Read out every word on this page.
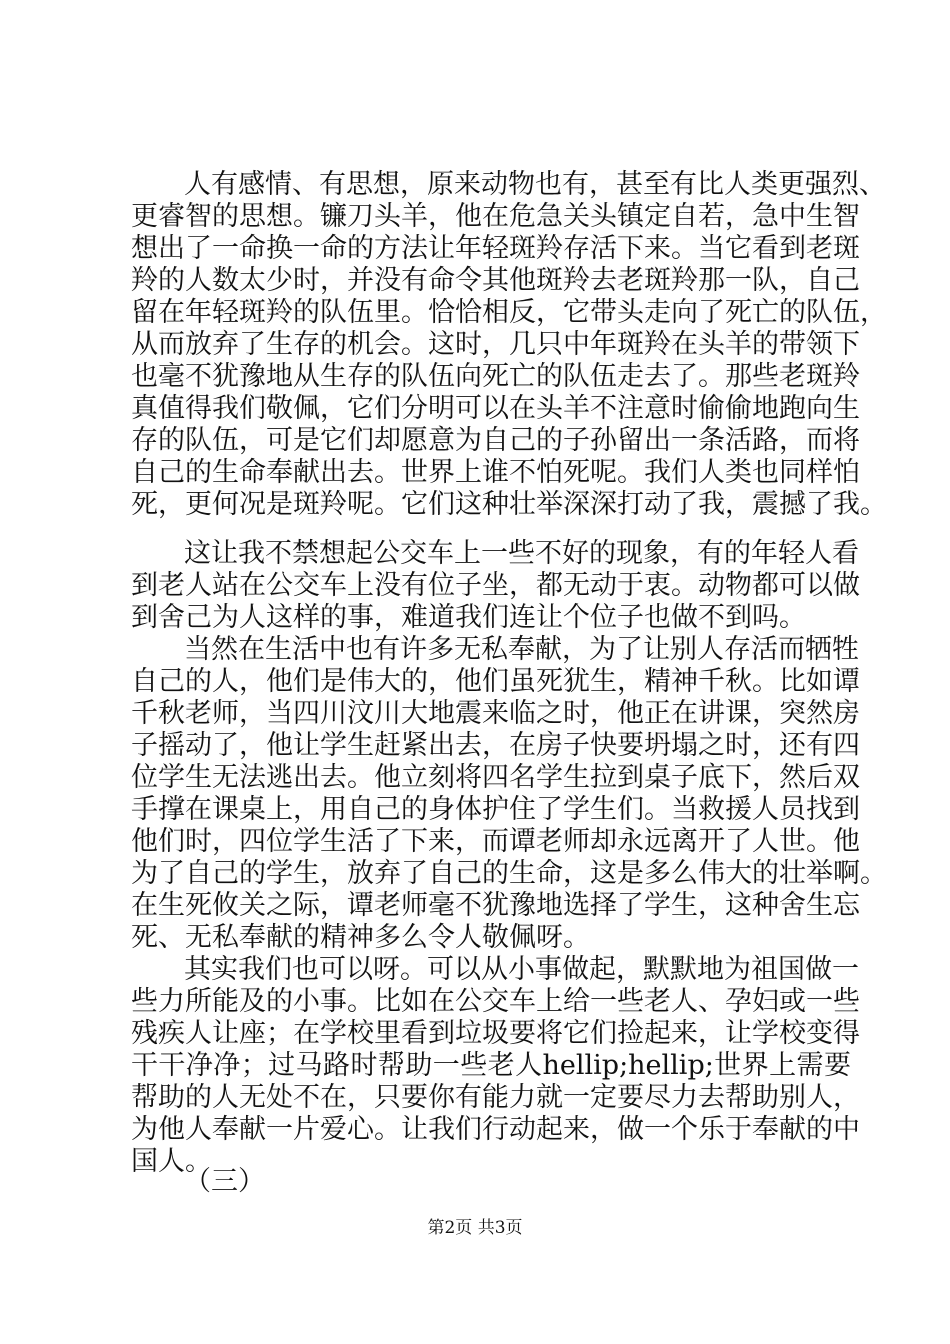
人有感情、有思想，原来动物也有，甚至有比人类更强烈、
更睿智的思想。镰刀头羊，他在危急关头镇定自若，急中生智
想出了一命换一命的方法让年轻斑羚存活下来。当它看到老斑
羚的人数太少时，并没有命令其他斑羚去老斑羚那一队，自己
留在年轻斑羚的队伍里。恰恰相反，它带头走向了死亡的队伍，
从而放弃了生存的机会。这时，几只中年斑羚在头羊的带领下
也毫不犹豫地从生存的队伍向死亡的队伍走去了。那些老斑羚
真值得我们敬佩，它们分明可以在头羊不注意时偷偷地跑向生
存的队伍，可是它们却愿意为自己的子孙留出一条活路，而将
自己的生命奉献出去。世界上谁不怕死呢。我们人类也同样怕
死，更何况是斑羚呢。它们这种壮举深深打动了我，震撼了我。
这让我不禁想起公交车上一些不好的现象，有的年轻人看
到老人站在公交车上没有位子坐，都无动于衷。动物都可以做
到舍己为人这样的事，难道我们连让个位子也做不到吗。
当然在生活中也有许多无私奉献，为了让别人存活而牺牲
自己的人，他们是伟大的，他们虽死犹生，精神千秋。比如谭
千秋老师，当四川汶川大地震来临之时，他正在讲课，突然房
子摇动了，他让学生赶紧出去，在房子快要坍塌之时，还有四
位学生无法逃出去。他立刻将四名学生拉到桌子底下，然后双
手撑在课桌上，用自己的身体护住了学生们。当救援人员找到
他们时，四位学生活了下来，而谭老师却永远离开了人世。他
为了自己的学生，放弃了自己的生命，这是多么伟大的壮举啊。
在生死攸关之际，谭老师毫不犹豫地选择了学生，这种舍生忘
死、无私奉献的精神多么令人敬佩呀。
其实我们也可以呀。可以从小事做起，默默地为祖国做一
些力所能及的小事。比如在公交车上给一些老人、孕妇或一些
残疾人让座；在学校里看到垃圾要将它们捡起来，让学校变得
干干净净；过马路时帮助一些老人hellip;hellip;世界上需要
帮助的人无处不在，只要你有能力就一定要尽力去帮助别人，
为他人奉献一片爱心。让我们行动起来，做一个乐于奉献的中
国人。
（三）
第2页 共3页
